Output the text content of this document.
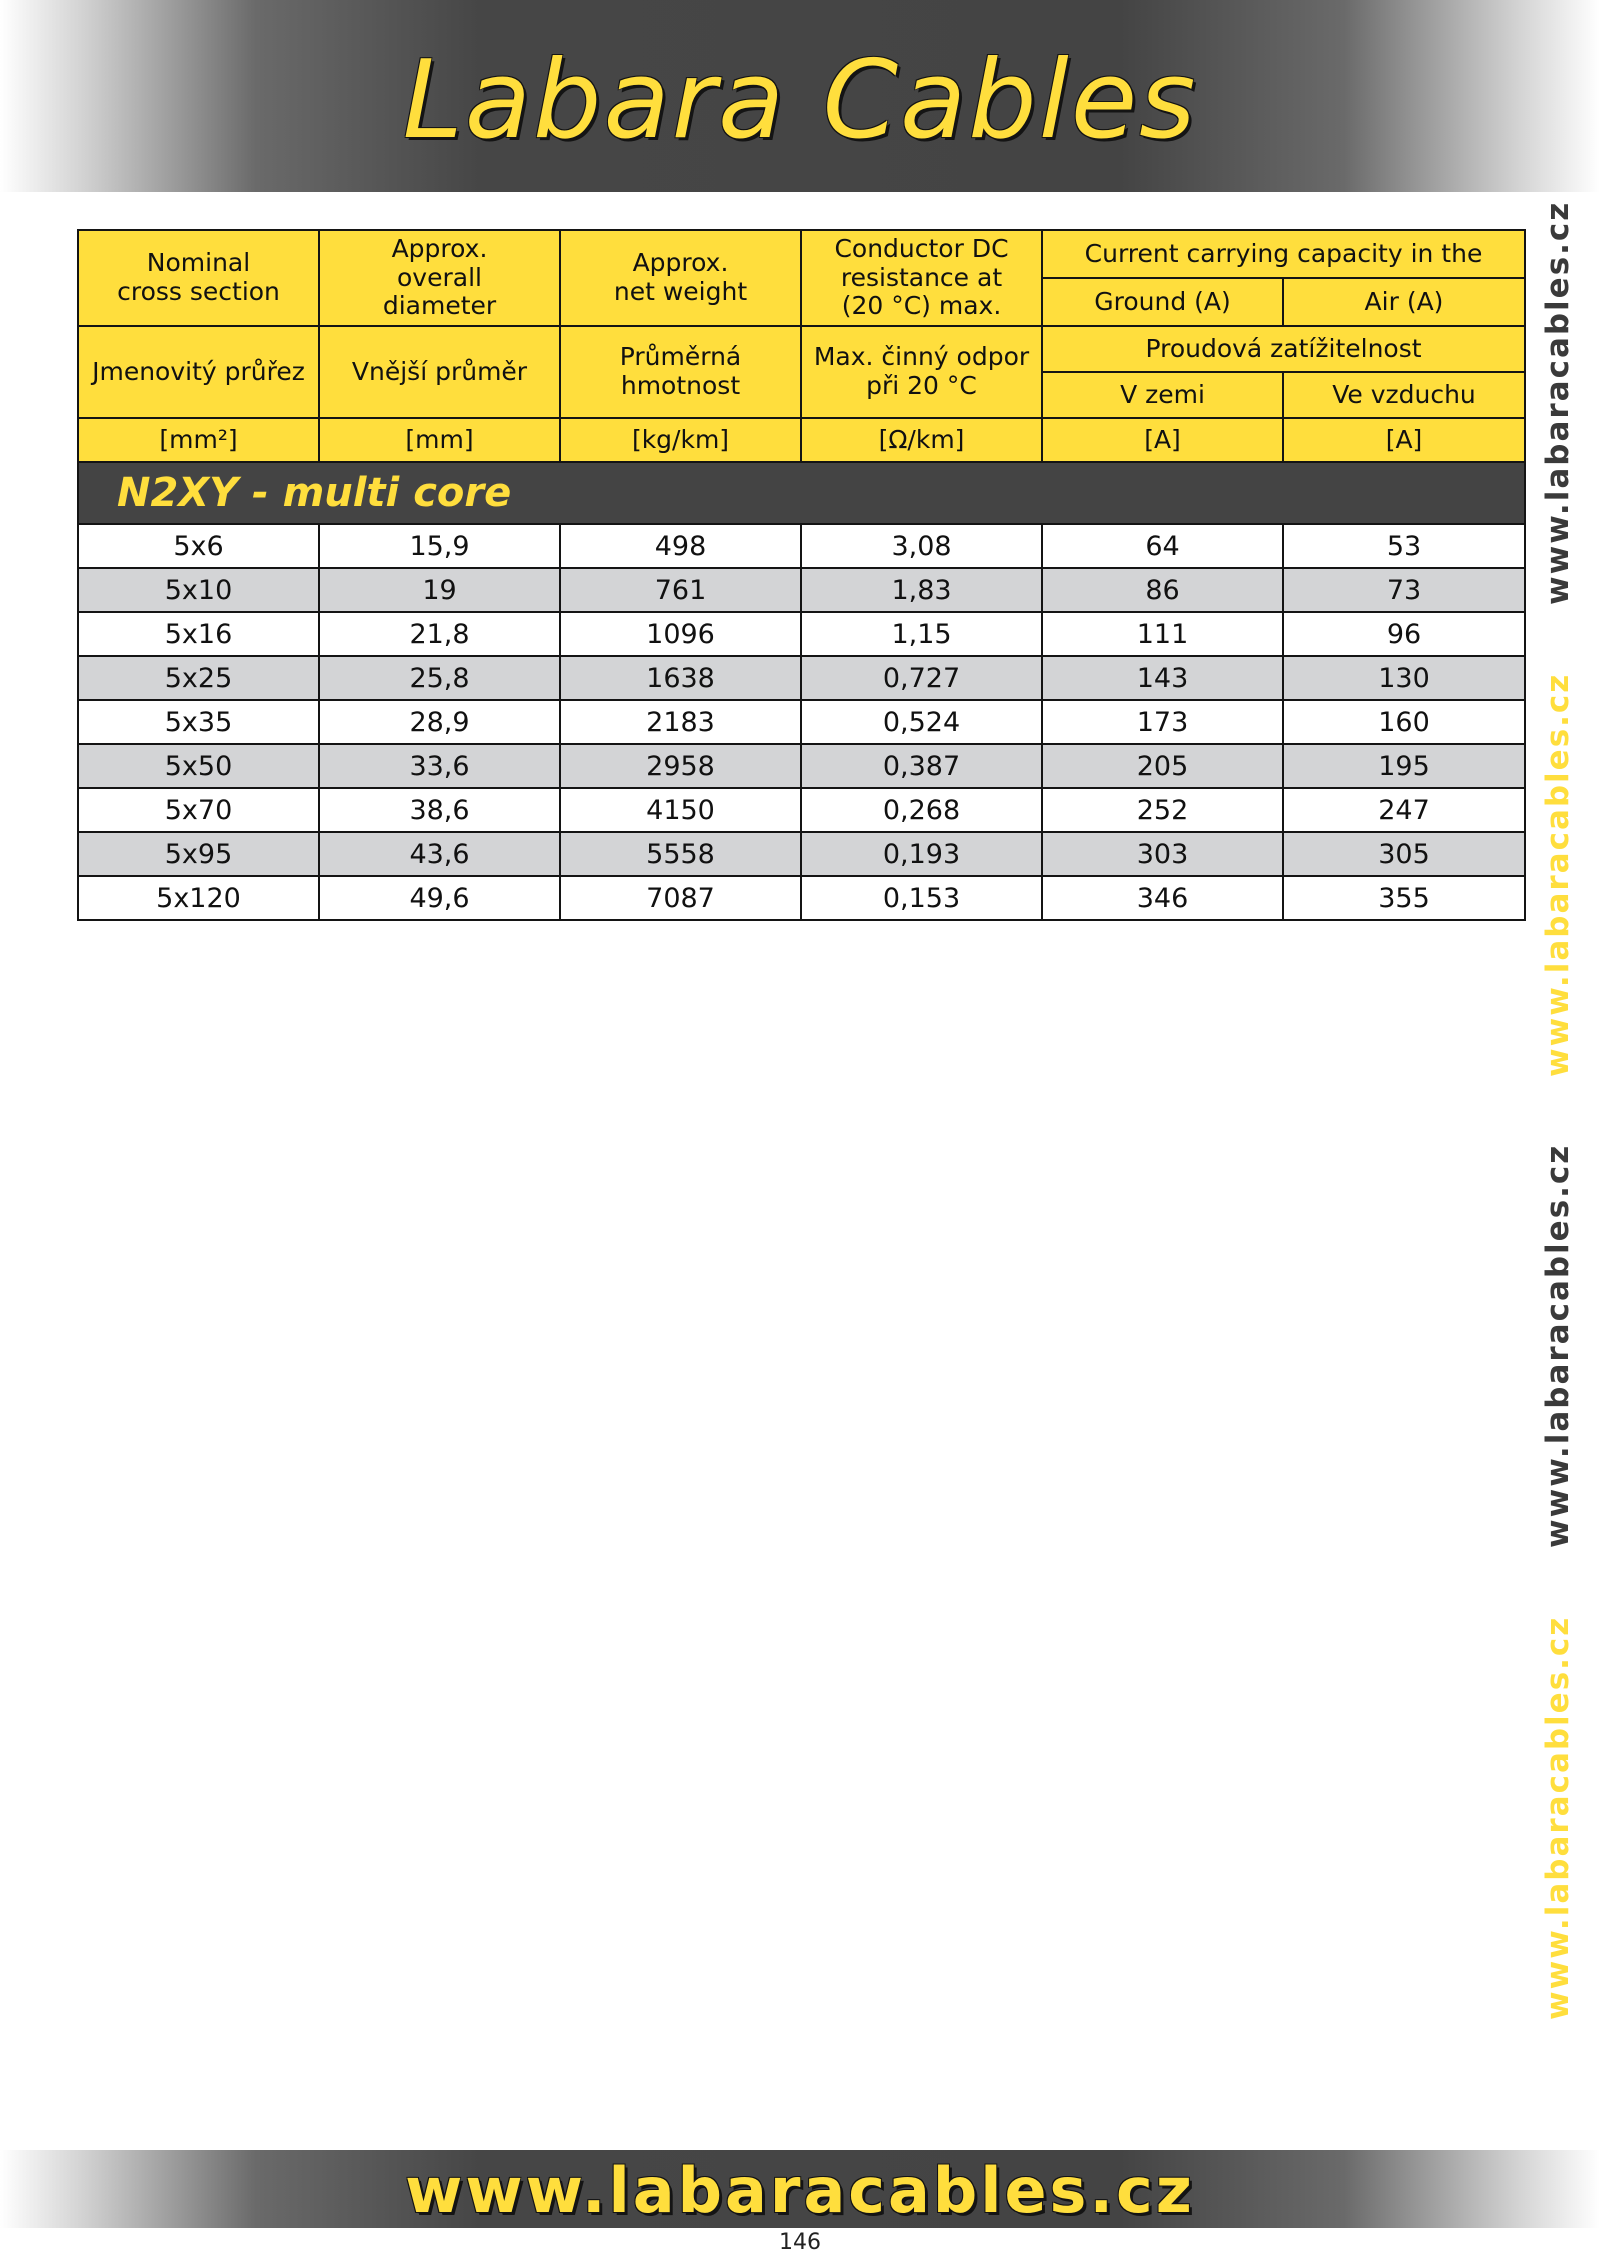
Labara Cables
Nominal
cross section	Approx.
overall
diameter	Approx.
net weight	Conductor DC
resistance at
(20 °C) max.	Current carrying capacity in the	
				Ground (A)	Air (A)
Jmenovitý průřez	Vnější průměr	Průměrná
hmotnost	Max. činný odpor
při 20 °C	Proudová zatížitelnost	
				V zemi	Ve vzduchu
[mm²]	[mm]	[kg/km]	[Ω/km]	[A]	[A]
N2XY - multi core					
5x6	15,9	498	3,08	64	53
5x10	19	761	1,83	86	73
5x16	21,8	1096	1,15	111	96
5x25	25,8	1638	0,727	143	130
5x35	28,9	2183	0,524	173	160
5x50	33,6	2958	0,387	205	195
5x70	38,6	4150	0,268	252	247
5x95	43,6	5558	0,193	303	305
5x120	49,6	7087	0,153	346	355
www.labaracables.cz
www.labaracables.cz
www.labaracables.cz
www.labaracables.cz
www.labaracables.cz
146
